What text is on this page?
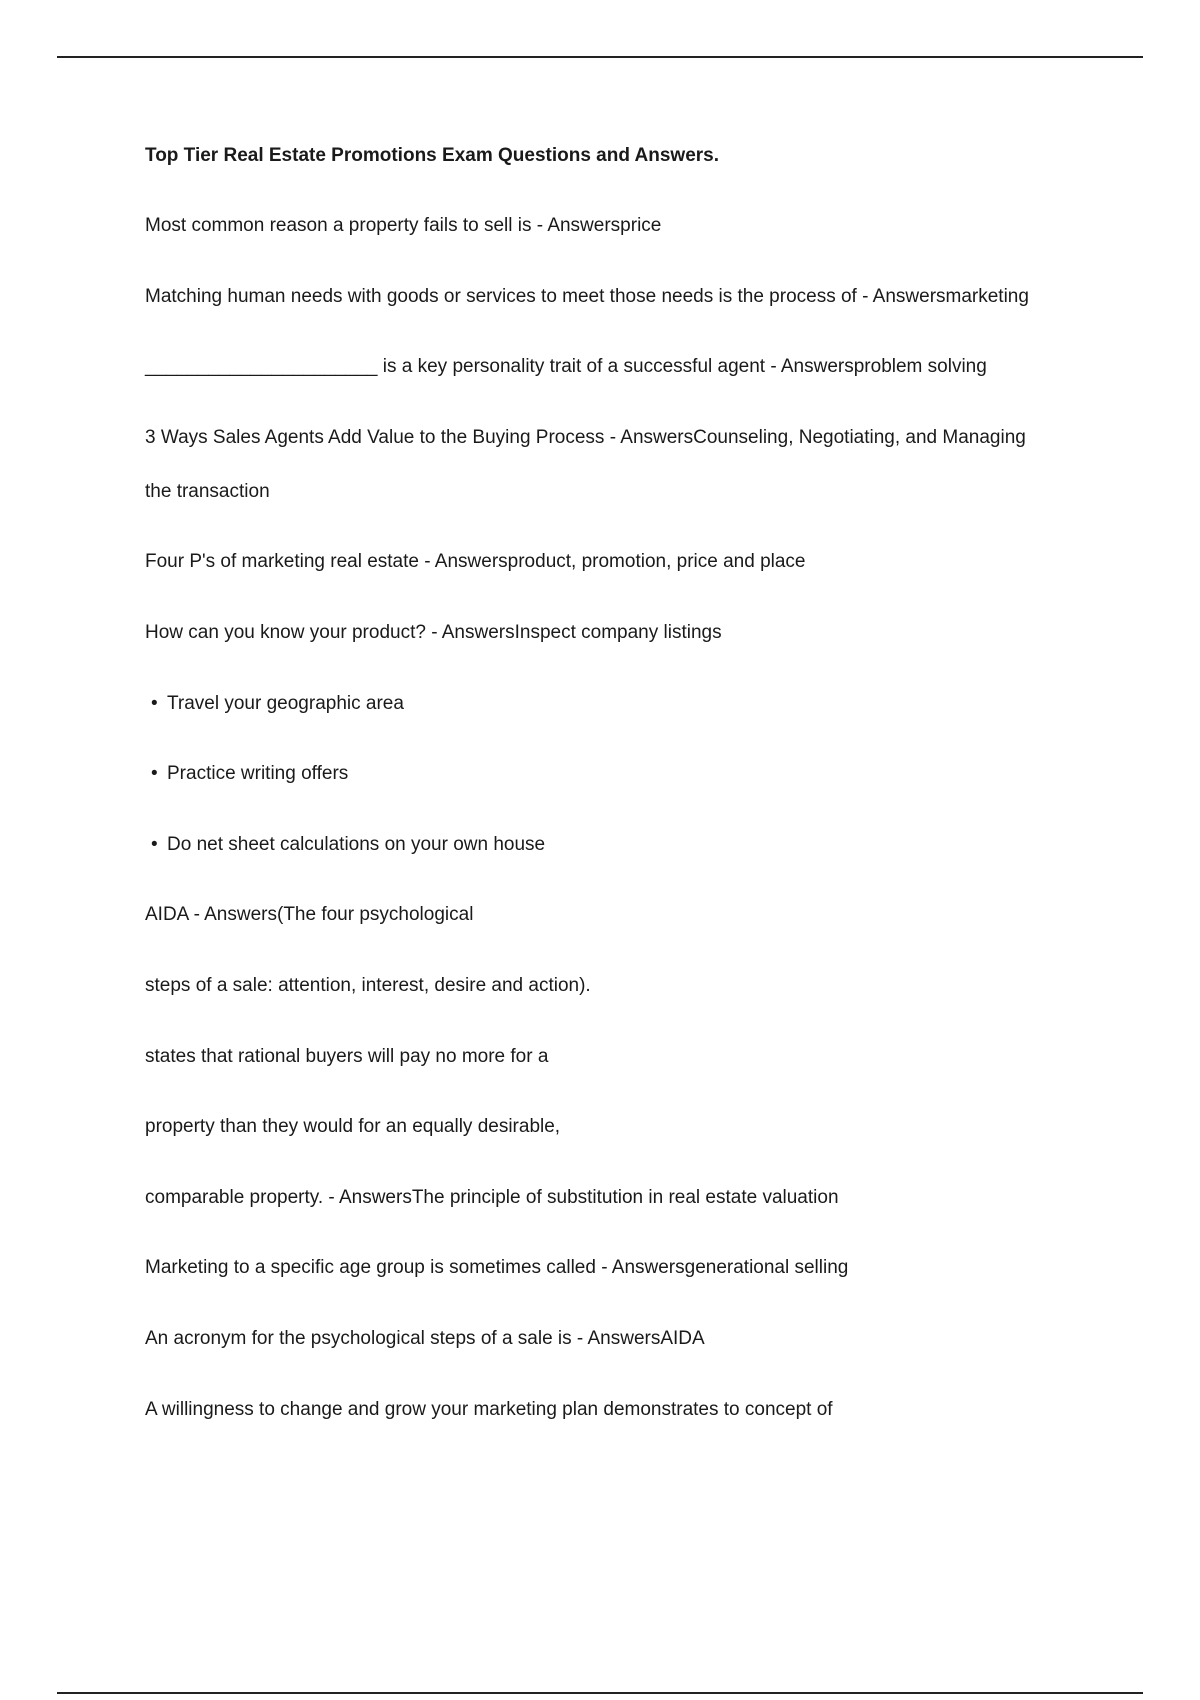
Top Tier Real Estate Promotions Exam Questions and Answers.
Most common reason a property fails to sell is - Answersprice
Matching human needs with goods or services to meet those needs is the process of - Answersmarketing
______________________ is a key personality trait of a successful agent - Answersproblem solving
3 Ways Sales Agents Add Value to the Buying Process - AnswersCounseling, Negotiating, and Managing
the transaction
Four P's of marketing real estate - Answersproduct, promotion, price and place
How can you know your product? - AnswersInspect company listings
• Travel your geographic area
• Practice writing offers
• Do net sheet calculations on your own house
AIDA - Answers(The four psychological
steps of a sale: attention, interest, desire and action).
states that rational buyers will pay no more for a
property than they would for an equally desirable,
comparable property. - AnswersThe principle of substitution in real estate valuation
Marketing to a specific age group is sometimes called - Answersgenerational selling
An acronym for the psychological steps of a sale is - AnswersAIDA
A willingness to change and grow your marketing plan demonstrates to concept of
